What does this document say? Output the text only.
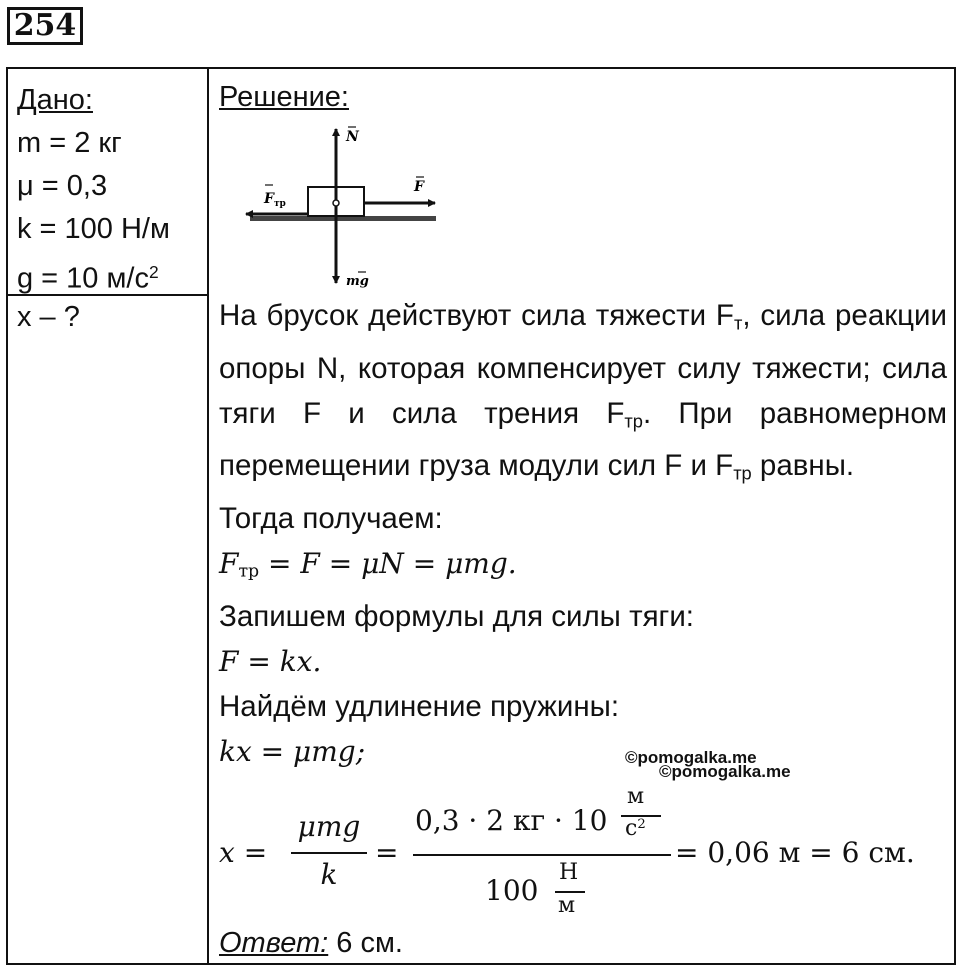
254
Дано:
m = 2 кг
μ = 0,3
k = 100 Н/м
g = 10 $м/с^2$
x – ?
Решение:
N
F
$F_{тр}$
mg
На брусок действуют сила тяжести $F_т$, сила реакции опоры N, которая компенсирует силу тяжести; сила тяги F и сила трения $F_{тр}$. При равномерном перемещении груза модули сил F и $F_{тр}$ равны.
Тогда получаем:
Fтр = F = μN = μmg.
Запишем формулы для силы тяги:
F = kx.
Найдём удлинение пружины:
kx = μmg;	©pomogalka.me
©pomogalka.me
x =
μmg
k
=
0,3 · 2 кг · 10
м
$с^2$
100
Н
м
= 0,06 м = 6 см.
Ответ: 6 см.
